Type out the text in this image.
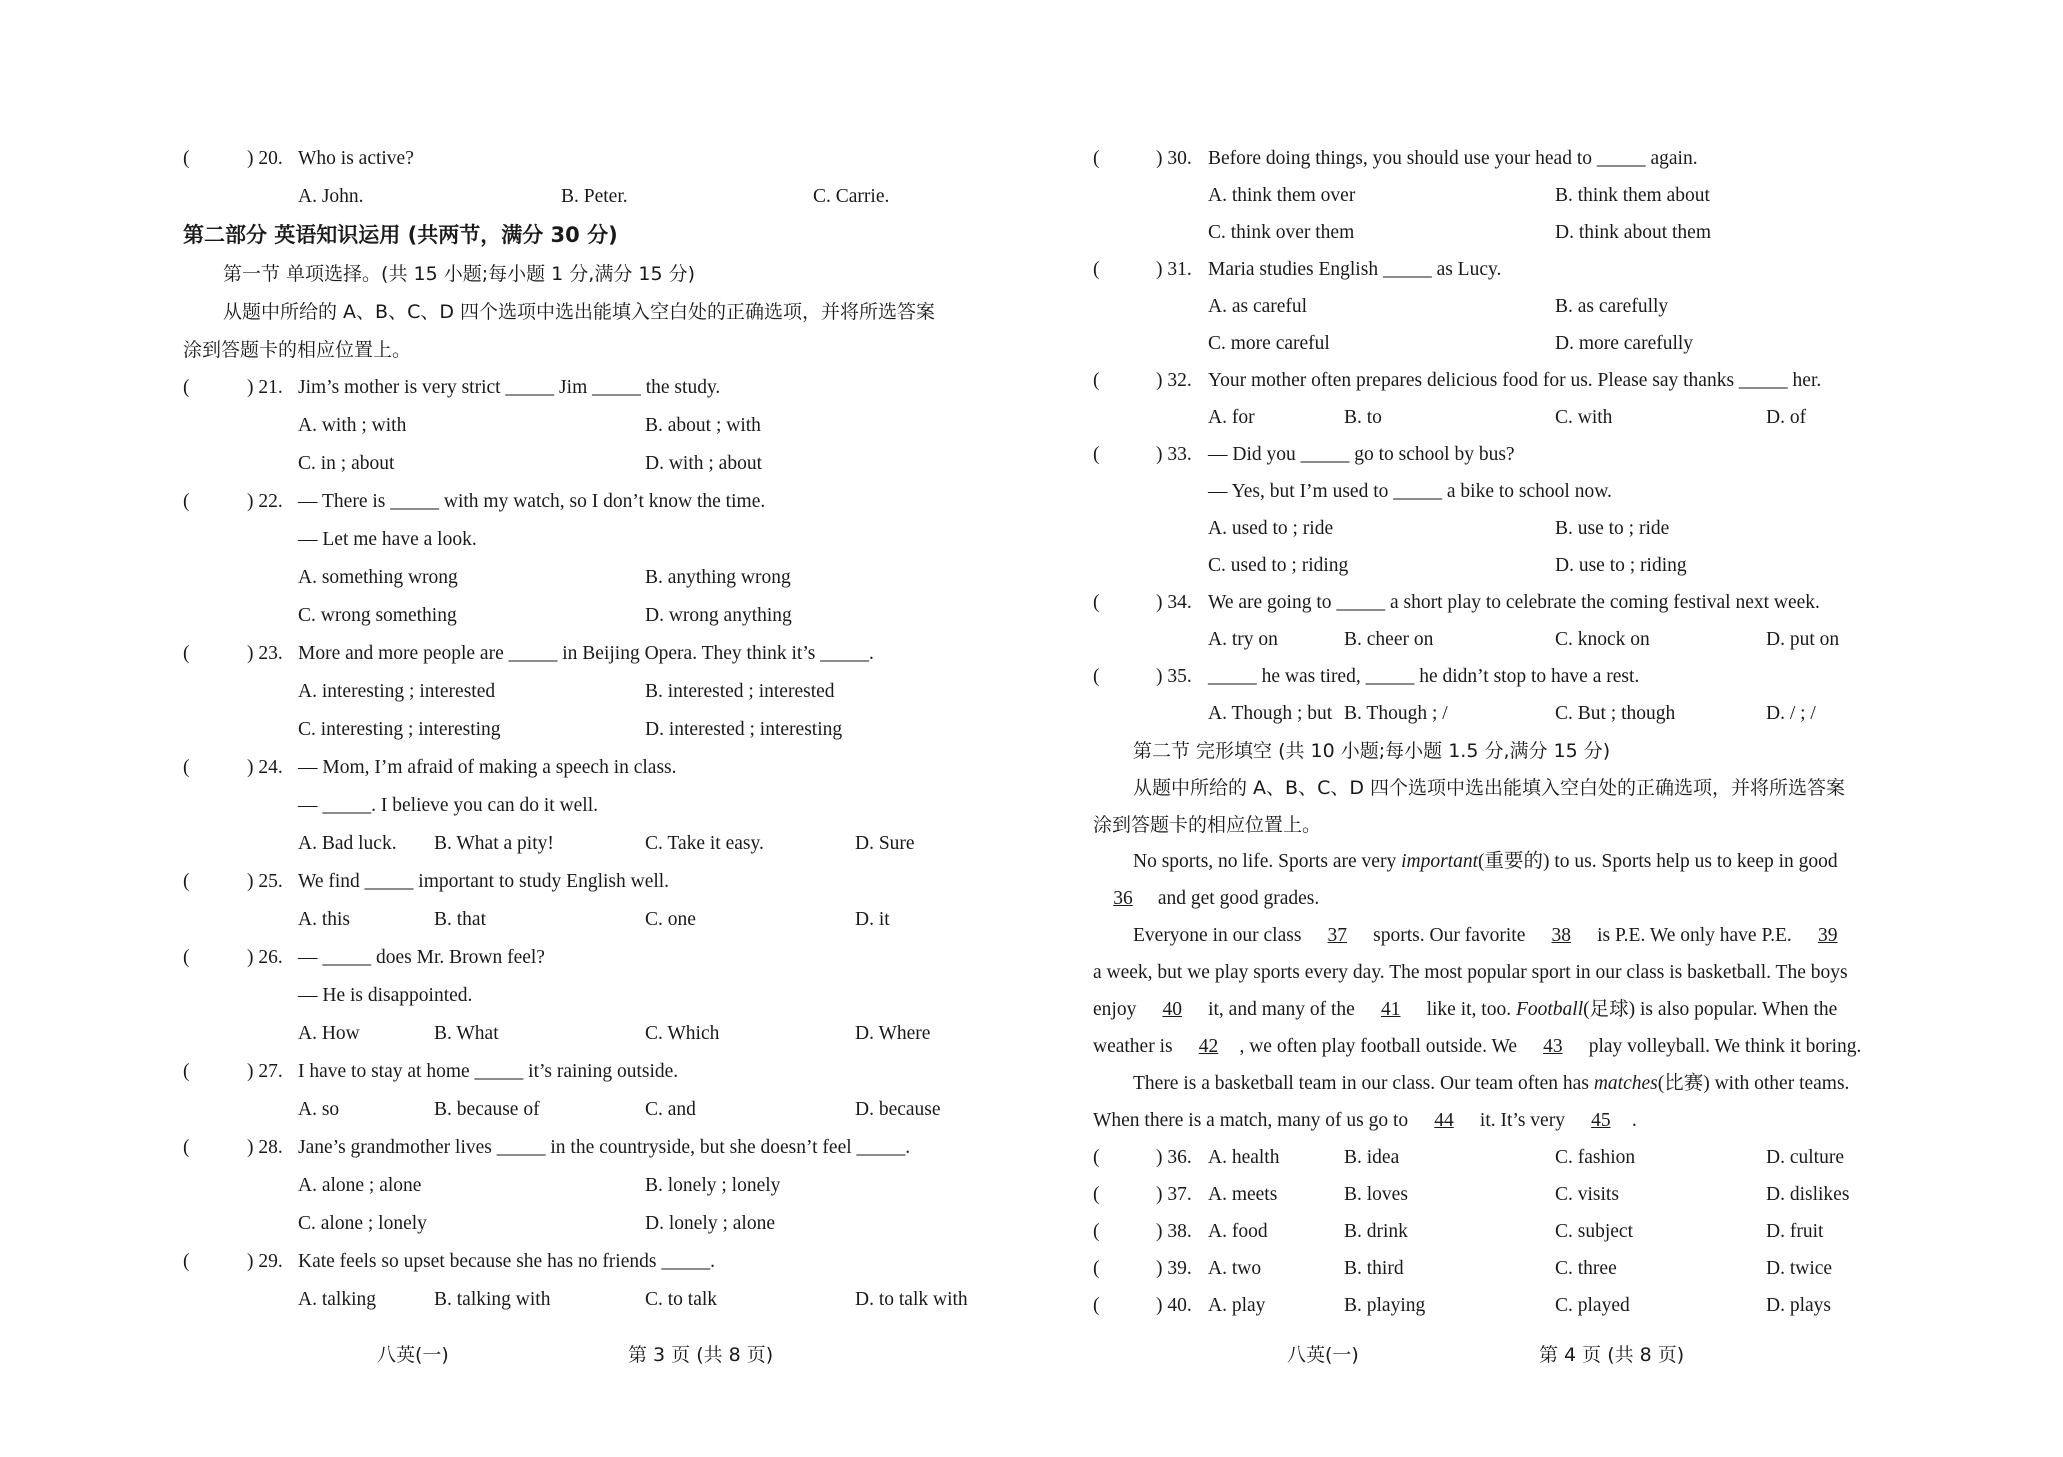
(	) 20. Who is active?
A. John.	B. Peter.	C. Carrie.
第二部分 英语知识运用 (共两节，满分 30 分)
第一节 单项选择。(共 15 小题;每小题 1 分,满分 15 分)
从题中所给的 A、B、C、D 四个选项中选出能填入空白处的正确选项，并将所选答案
涂到答题卡的相应位置上。
(	) 21. Jim’s mother is very strict _____ Jim _____ the study.
A. with ; with	B. about ; with
C. in ; about	D. with ; about
(	) 22. — There is _____ with my watch, so I don’t know the time.
— Let me have a look.
A. something wrong	B. anything wrong
C. wrong something	D. wrong anything
(	) 23. More and more people are _____ in Beijing Opera. They think it’s _____.
A. interesting ; interested	B. interested ; interested
C. interesting ; interesting	D. interested ; interesting
(	) 24. — Mom, I’m afraid of making a speech in class.
— _____. I believe you can do it well.
A. Bad luck. B. What a pity!	C. Take it easy.	D. Sure
(	) 25. We find _____ important to study English well.
A. this	B. that	C. one	D. it
(	) 26. — _____ does Mr. Brown feel?
— He is disappointed.
A. How	B. What	C. Which	D. Where
(	) 27. I have to stay at home _____ it’s raining outside.
A. so	B. because of	C. and	D. because
(	) 28. Jane’s grandmother lives _____ in the countryside, but she doesn’t feel _____.
A. alone ; alone	B. lonely ; lonely
C. alone ; lonely	D. lonely ; alone
(	) 29. Kate feels so upset because she has no friends _____.
A. talking	B. talking with	C. to talk	D. to talk with
八英(一)	第 3 页 (共 8 页)
(	) 30. Before doing things, you should use your head to _____ again.
A. think them over	B. think them about
C. think over them	D. think about them
(	) 31. Maria studies English _____ as Lucy.
A. as careful	B. as carefully
C. more careful	D. more carefully
(	) 32. Your mother often prepares delicious food for us. Please say thanks _____ her.
A. for	B. to	C. with	D. of
(	) 33. — Did you _____ go to school by bus?
— Yes, but I’m used to _____ a bike to school now.
A. used to ; ride	B. use to ; ride
C. used to ; riding	D. use to ; riding
(	) 34. We are going to _____ a short play to celebrate the coming festival next week.
A. try on	B. cheer on	C. knock on	D. put on
(	) 35. _____ he was tired, _____ he didn’t stop to have a rest.
A. Though ; but B. Though ; /	C. But ; though	D. / ; /
第二节 完形填空 (共 10 小题;每小题 1.5 分,满分 15 分)
从题中所给的 A、B、C、D 四个选项中选出能填入空白处的正确选项，并将所选答案
涂到答题卡的相应位置上。
No sports, no life. Sports are very important(重要的) to us. Sports help us to keep in good
36 and get good grades.
Everyone in our class 37 sports. Our favorite 38 is P.E. We only have P.E. 39
a week, but we play sports every day. The most popular sport in our class is basketball. The boys
enjoy 40 it, and many of the 41 like it, too. Football(足球) is also popular. When the
weather is 42 , we often play football outside. We 43 play volleyball. We think it boring.
There is a basketball team in our class. Our team often has matches(比赛) with other teams.
When there is a match, many of us go to 44 it. It’s very 45 .
(	) 36. A. health	B. idea	C. fashion	D. culture
(	) 37. A. meets	B. loves	C. visits	D. dislikes
(	) 38. A. food	B. drink	C. subject	D. fruit
(	) 39. A. two	B. third	C. three	D. twice
(	) 40. A. play	B. playing	C. played	D. plays
八英(一)	第 4 页 (共 8 页)
